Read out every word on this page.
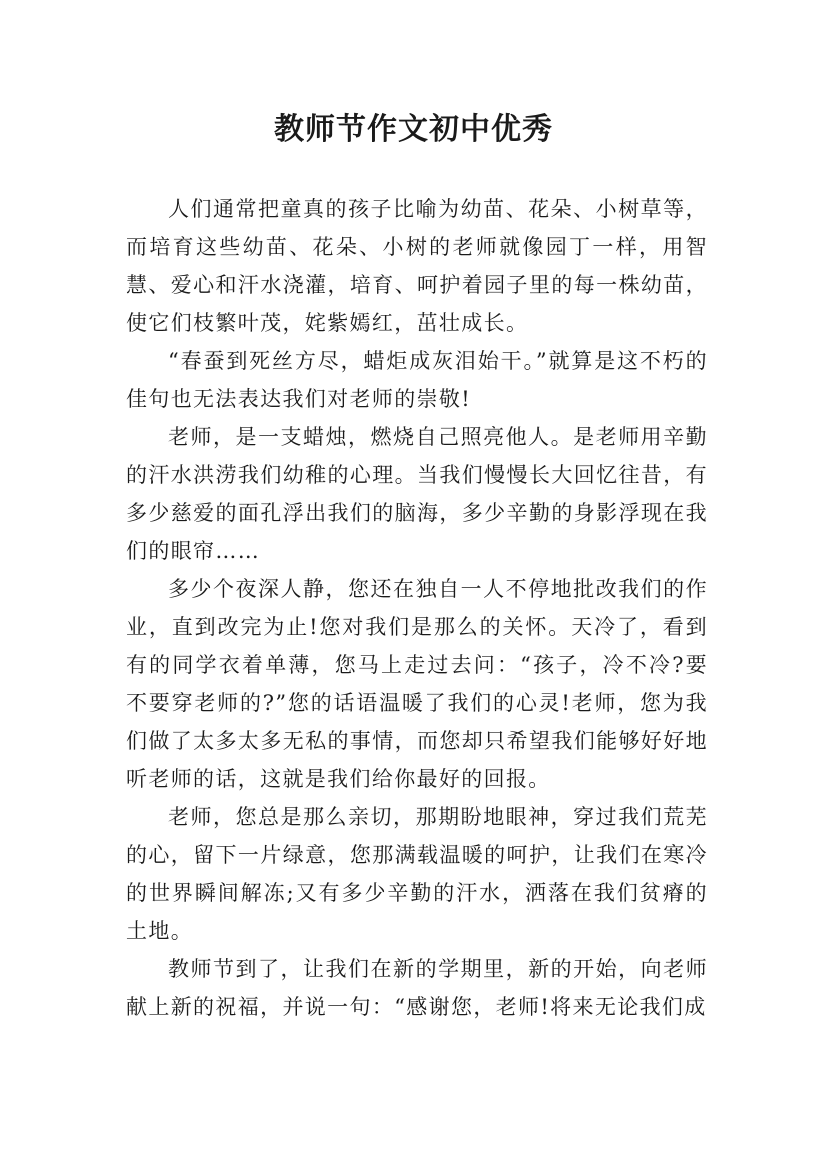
教师节作文初中优秀

人们通常把童真的孩子比喻为幼苗、花朵、小树草等，而培育这些幼苗、花朵、小树的老师就像园丁一样，用智慧、爱心和汗水浇灌，培育、呵护着园子里的每一株幼苗，使它们枝繁叶茂，姹紫嫣红，茁壮成长。

“春蚕到死丝方尽，蜡炬成灰泪始干。”就算是这不朽的佳句也无法表达我们对老师的崇敬!

老师，是一支蜡烛，燃烧自己照亮他人。是老师用辛勤的汗水洪涝我们幼稚的心理。当我们慢慢长大回忆往昔，有多少慈爱的面孔浮出我们的脑海，多少辛勤的身影浮现在我们的眼帘……

多少个夜深人静，您还在独自一人不停地批改我们的作业，直到改完为止!您对我们是那么的关怀。天冷了，看到有的同学衣着单薄，您马上走过去问：“孩子，冷不冷?要不要穿老师的?”您的话语温暖了我们的心灵!老师，您为我们做了太多太多无私的事情，而您却只希望我们能够好好地听老师的话，这就是我们给你最好的回报。

老师，您总是那么亲切，那期盼地眼神，穿过我们荒芜的心，留下一片绿意，您那满载温暖的呵护，让我们在寒冷的世界瞬间解冻;又有多少辛勤的汗水，洒落在我们贫瘠的土地。

教师节到了，让我们在新的学期里，新的开始，向老师献上新的祝福，并说一句：“感谢您，老师!将来无论我们成
